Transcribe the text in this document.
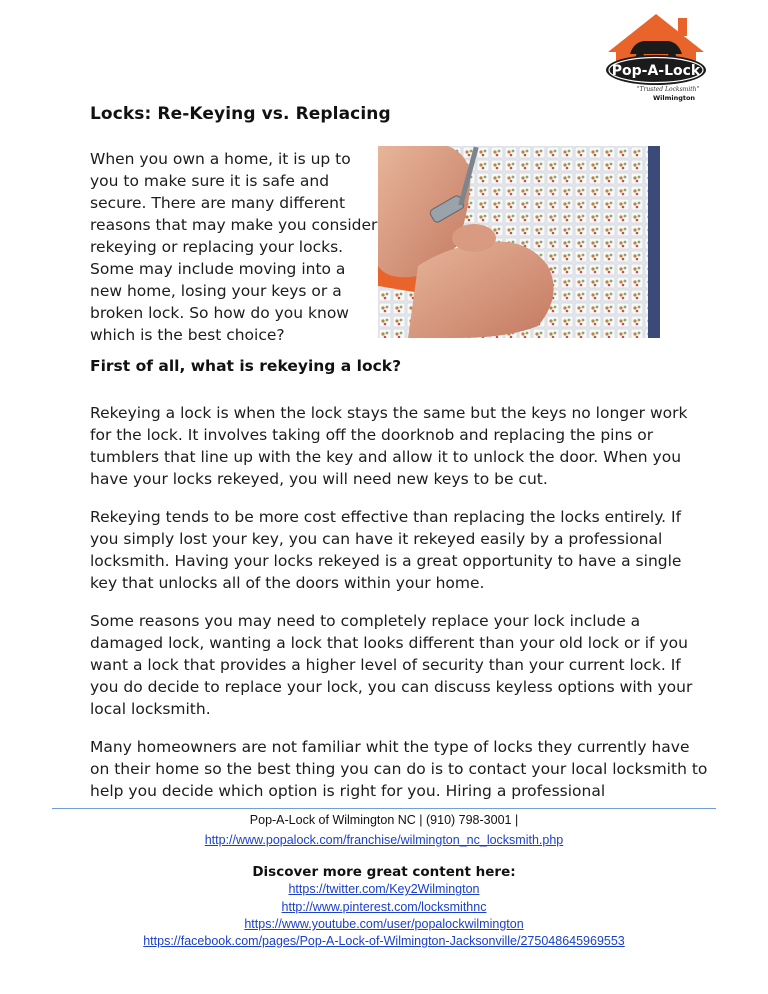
Pop-A-Lock
"Trusted Locksmith"
Wilmington
Locks: Re-Keying vs. Replacing

When you own a home, it is up to you to make sure it is safe and secure. There are many different reasons that may make you consider rekeying or replacing your locks. Some may include moving into a new home, losing your keys or a broken lock. So how do you know which is the best choice?

First of all, what is rekeying a lock?

Rekeying a lock is when the lock stays the same but the keys no longer work for the lock. It involves taking off the doorknob and replacing the pins or tumblers that line up with the key and allow it to unlock the door. When you have your locks rekeyed, you will need new keys to be cut.

Rekeying tends to be more cost effective than replacing the locks entirely. If you simply lost your key, you can have it rekeyed easily by a professional locksmith. Having your locks rekeyed is a great opportunity to have a single key that unlocks all of the doors within your home.

Some reasons you may need to completely replace your lock include a damaged lock, wanting a lock that looks different than your old lock or if you want a lock that provides a higher level of security than your current lock. If you do decide to replace your lock, you can discuss keyless options with your local locksmith.

Many homeowners are not familiar whit the type of locks they currently have on their home so the best thing you can do is to contact your local locksmith to help you decide which option is right for you. Hiring a professional

Pop-A-Lock of Wilmington NC | (910) 798-3001 |

http://www.popalock.com/franchise/wilmington_nc_locksmith.php

Discover more great content here:

https://twitter.com/Key2Wilmington

http://www.pinterest.com/locksmithnc

https://www.youtube.com/user/popalockwilmington

https://facebook.com/pages/Pop-A-Lock-of-Wilmington-Jacksonville/275048645969553
